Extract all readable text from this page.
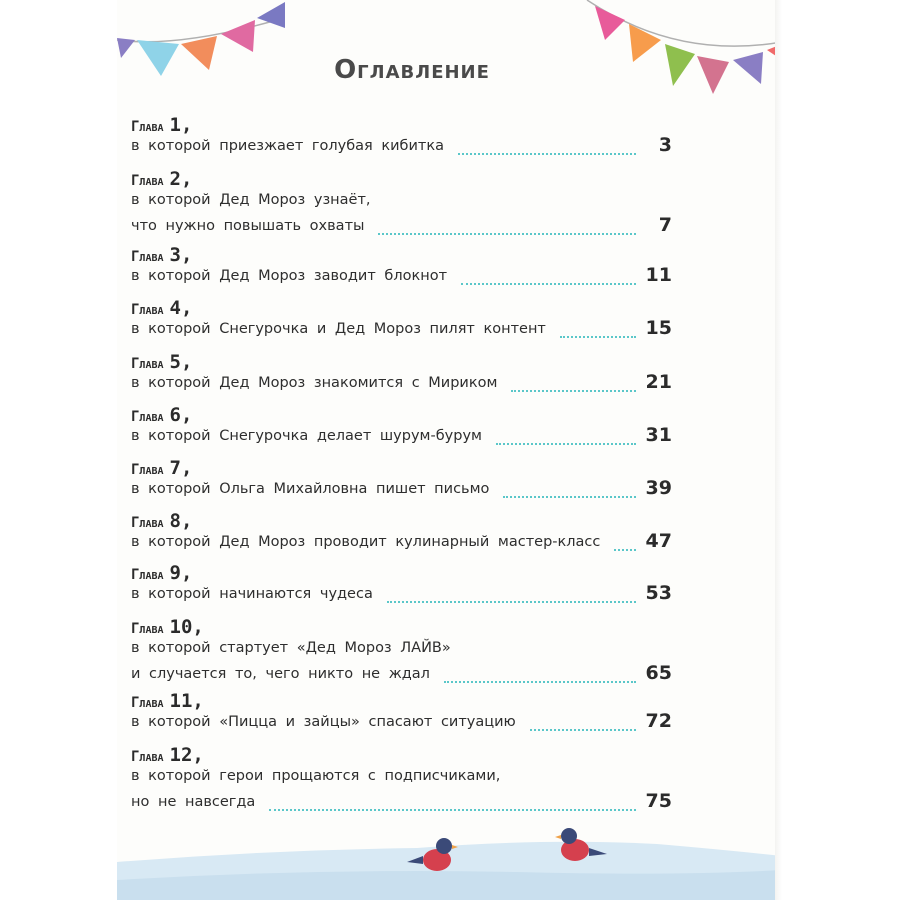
Оглавление
Глава 1,
в которой приезжает голубая кибитка	3
Глава 2,
в которой Дед Мороз узнаёт,
что нужно повышать охваты	7
Глава 3,
в которой Дед Мороз заводит блокнот	11
Глава 4,
в которой Снегурочка и Дед Мороз пилят контент	15
Глава 5,
в которой Дед Мороз знакомится с Мириком	21
Глава 6,
в которой Снегурочка делает шурум-бурум	31
Глава 7,
в которой Ольга Михайловна пишет письмо	39
Глава 8,
в которой Дед Мороз проводит кулинарный мастер-класс	47
Глава 9,
в которой начинаются чудеса	53
Глава 10,
в которой стартует «Дед Мороз ЛАЙВ»
и случается то, чего никто не ждал	65
Глава 11,
в которой «Пицца и зайцы» спасают ситуацию	72
Глава 12,
в которой герои прощаются с подписчиками,
но не навсегда	75
